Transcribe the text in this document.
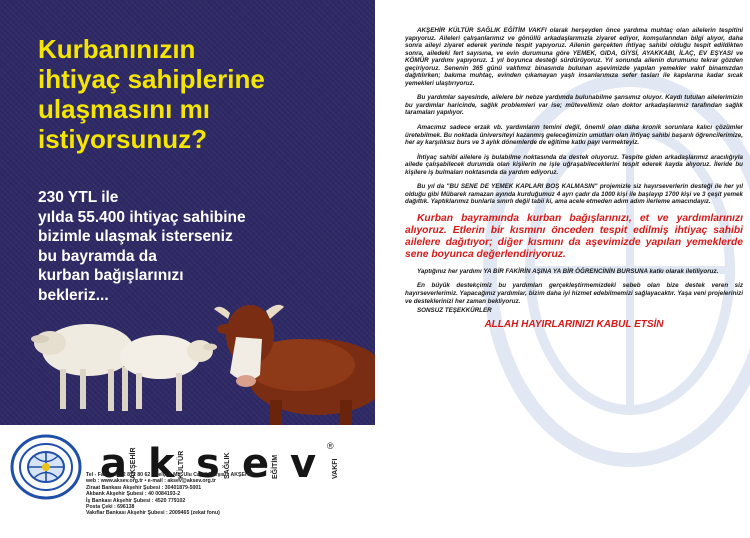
Kurbanınızın
ihtiyaç sahiplerine
ulaşmasını mı
istiyorsunuz?
230 YTL ile
yılda 55.400 ihtiyaç sahibine
bizimle ulaşmak isterseniz
bu bayramda da
kurban bağışlarınızı
bekleriz...
a AKŞEHİR k KÜLTÜR s SAĞLIK e EĞİTİM v ®
VAKFI
Tel - Faks : 0332 812 80 62 • Selçuk Mh. Ulu Camii Karşısı - AKŞEHİR
web : www.aksev.org.tr • e-mail : aksev@aksev.org.tr
Ziraat Bankası Akşehir Şubesi : 30401879-5001
Akbank Akşehir Şubesi : 40 0084193-2
İş Bankası Akşehir Şubesi : 4520 779102
Posta Çeki : 696138
Vakıflar Bankası Akşehir Şubesi : 2009465 (zekat fonu)

AKŞEHİR KÜLTÜR SAĞLIK EĞİTİM VAKFI olarak herşeyden önce yardıma muhtaç olan ailelerin tespitini yapıyoruz. Aileleri çalışanlarımız ve gönüllü arkadaşlarımızla ziyaret ediyor, komşularından bilgi alıyor, daha sonra aileyi ziyaret ederek yerinde tespit yapıyoruz. Ailenin gerçekten ihtiyaç sahibi olduğu tespit edildikten sonra, ailedeki fert sayısına, ve evin durumuna göre YEMEK, GIDA, GİYSİ, AYAKKABI, İLAÇ, EV EŞYASI ve KÖMÜR yardımı yapıyoruz. 1 yıl boyunca desteği sürdürüyoruz. Yıl sonunda ailenin durumunu tekrar gözden geçiriyoruz. Senenin 365 günü vakfımız binasında bulunan aşevimizde yapılan yemekler vakıf binamızdan dağıtılırken; bakıma muhtaç, evinden çıkamayan yaşlı insanlarımıza sefer tasları ile kapılarına kadar sıcak yemekleri ulaştırıyoruz.

Bu yardımlar sayesinde, ailelere bir nebze yardımda bulunabilme şansımız oluyor. Kaydı tutulan ailelerimizin bu yardımlar haricinde, sağlık problemleri var ise; mütevellimiz olan doktor arkadaşlarımız tarafından sağlık taramaları yapılıyor.

Amacımız sadece erzak vb. yardımların temini değil, önemli olan daha kronik sorunlara kalıcı çözümler üretebilmek. Bu noktada üniversiteyi kazanmış geleceğimizin umutları olan ihtiyaç sahibi başarılı öğrencilerimize, her ay karşılıksız burs ve 3 aylık dönemlerde de eğitime katkı payı vermekteyiz.

İhtiyaç sahibi ailelere iş bulabilme noktasında da destek oluyoruz. Tespite giden arkadaşlarımız aracılığıyla ailede çalışabilecek durumda olan kişilerin ne işle uğraşabileceklerini tespit ederek kayda alıyoruz. İleride bu kişilere iş bulmaları noktasında da yardım ediyoruz.

Bu yıl da "BU SENE DE YEMEK KAPLARI BOŞ KALMASIN" projemizle siz hayırseverlerin desteği ile her yıl olduğu gibi Mübarek ramazan ayında kurduğumuz 4 ayrı çadır da 1000 kişi ile başlayıp 1700 kişi ve 3 çeşit yemek dağıttık. Yaptıklarımız bunlarla sınırlı değil tabii ki, ama acele etmeden adım adım ilerleme amacındayız.

Kurban bayramında kurban bağışlarınızı, et ve yardımlarınızı alıyoruz. Etlerin bir kısmını önceden tespit edilmiş ihtiyaç sahibi ailelere dağıtıyor; diğer kısmını da aşevimizde yapılan yemeklerde sene boyunca değerlendiriyoruz.

Yaptığınız her yardımı YA BİR FAKİRİN AŞINA YA BİR ÖĞRENCİNİN BURSUNA katkı olarak iletiliyoruz.

En büyük destekçimiz bu yardımları gerçekleştirmemizdeki sebeb olan bize destek veren siz hayırseverlerimiz. Yapacağınız yardımlar, bizim daha iyi hizmet edebilmemizi sağlayacaktır. Yaşa veni projelerinizi ve desteklerinizi her zaman bekliyoruz.

SONSUZ TEŞEKKÜRLER

ALLAH HAYIRLARINIZI KABUL ETSİN
